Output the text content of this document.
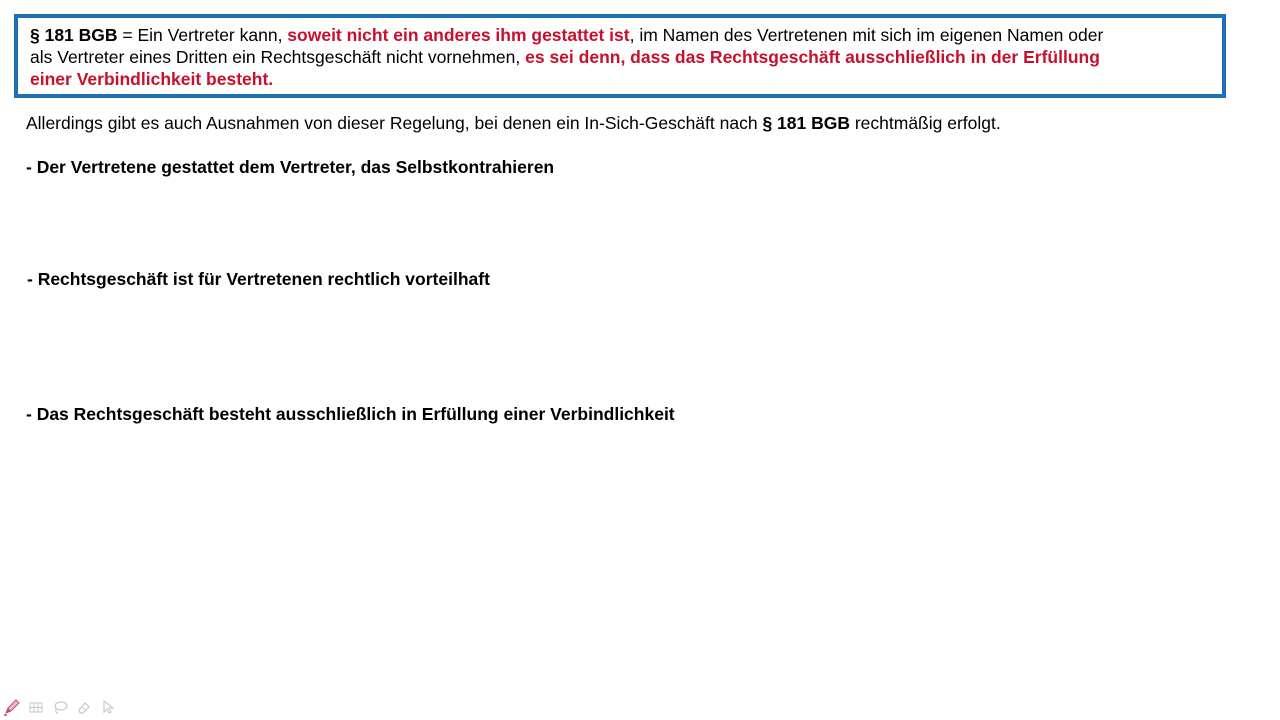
§ 181 BGB = Ein Vertreter kann, soweit nicht ein anderes ihm gestattet ist, im Namen des Vertretenen mit sich im eigenen Namen oder
als Vertreter eines Dritten ein Rechtsgeschäft nicht vornehmen, es sei denn, dass das Rechtsgeschäft ausschließlich in der Erfüllung
einer Verbindlichkeit besteht.
Allerdings gibt es auch Ausnahmen von dieser Regelung, bei denen ein In-Sich-Geschäft nach § 181 BGB rechtmäßig erfolgt.
- Der Vertretene gestattet dem Vertreter, das Selbstkontrahieren
- Rechtsgeschäft ist für Vertretenen rechtlich vorteilhaft
- Das Rechtsgeschäft besteht ausschließlich in Erfüllung einer Verbindlichkeit
